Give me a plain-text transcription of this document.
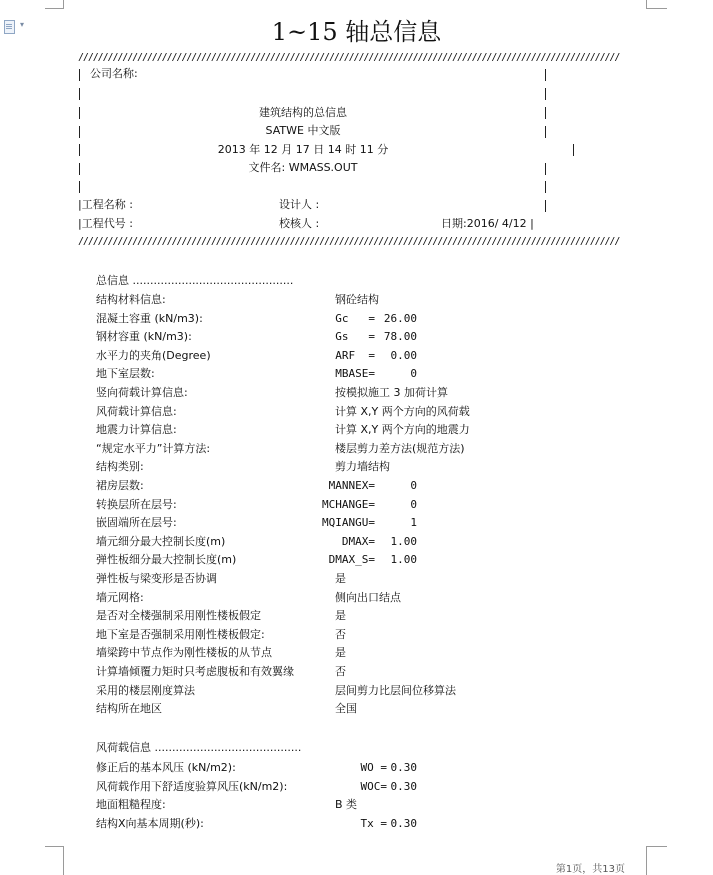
▾	1~15 轴总信息
//////////////////////////////////////////////////////////////////////////////////////////////////////////////
//////////////////////////////////////////////////////////////////////////////////////////////////////////////
公司名称:
建筑结构的总信息
SATWE 中文版
2013 年 12 月 17 日 14 时 11 分
文件名: WMASS.OUT
|工程名称 :	设计人 :
|工程代号 :	校核人 :	日期:2016/ 4/12 |
总信息 ..............................................
结构材料信息:	钢砼结构
混凝土容重 (kN/m3):	Gc   = 26.00
钢材容重 (kN/m3):	Gs   = 78.00
水平力的夹角(Degree)	ARF  =	0.00
地下室层数:	MBASE=	0
竖向荷载计算信息:	按模拟施工 3 加荷计算
风荷载计算信息:	计算 X,Y 两个方向的风荷载
地震力计算信息:	计算 X,Y 两个方向的地震力
“规定水平力”计算方法:	楼层剪力差方法(规范方法)
结构类别:	剪力墙结构
裙房层数:	MANNEX=	0
转换层所在层号:	MCHANGE=	0
嵌固端所在层号:	MQIANGU=	1
墙元细分最大控制长度(m)	DMAX=	1.00
弹性板细分最大控制长度(m)	DMAX_S=	1.00
弹性板与梁变形是否协调	是
墙元网格:	侧向出口结点
是否对全楼强制采用刚性楼板假定	是
地下室是否强制采用刚性楼板假定:	否
墙梁跨中节点作为刚性楼板的从节点	是
计算墙倾覆力矩时只考虑腹板和有效翼缘	否
采用的楼层刚度算法	层间剪力比层间位移算法
结构所在地区	全国
风荷载信息 ..........................................
修正后的基本风压 (kN/m2):	WO = 0.30
风荷载作用下舒适度验算风压(kN/m2):	WOC= 0.30
地面粗糙程度:	B 类
结构X向基本周期(秒):	Tx = 0.30
第1页，共13页
